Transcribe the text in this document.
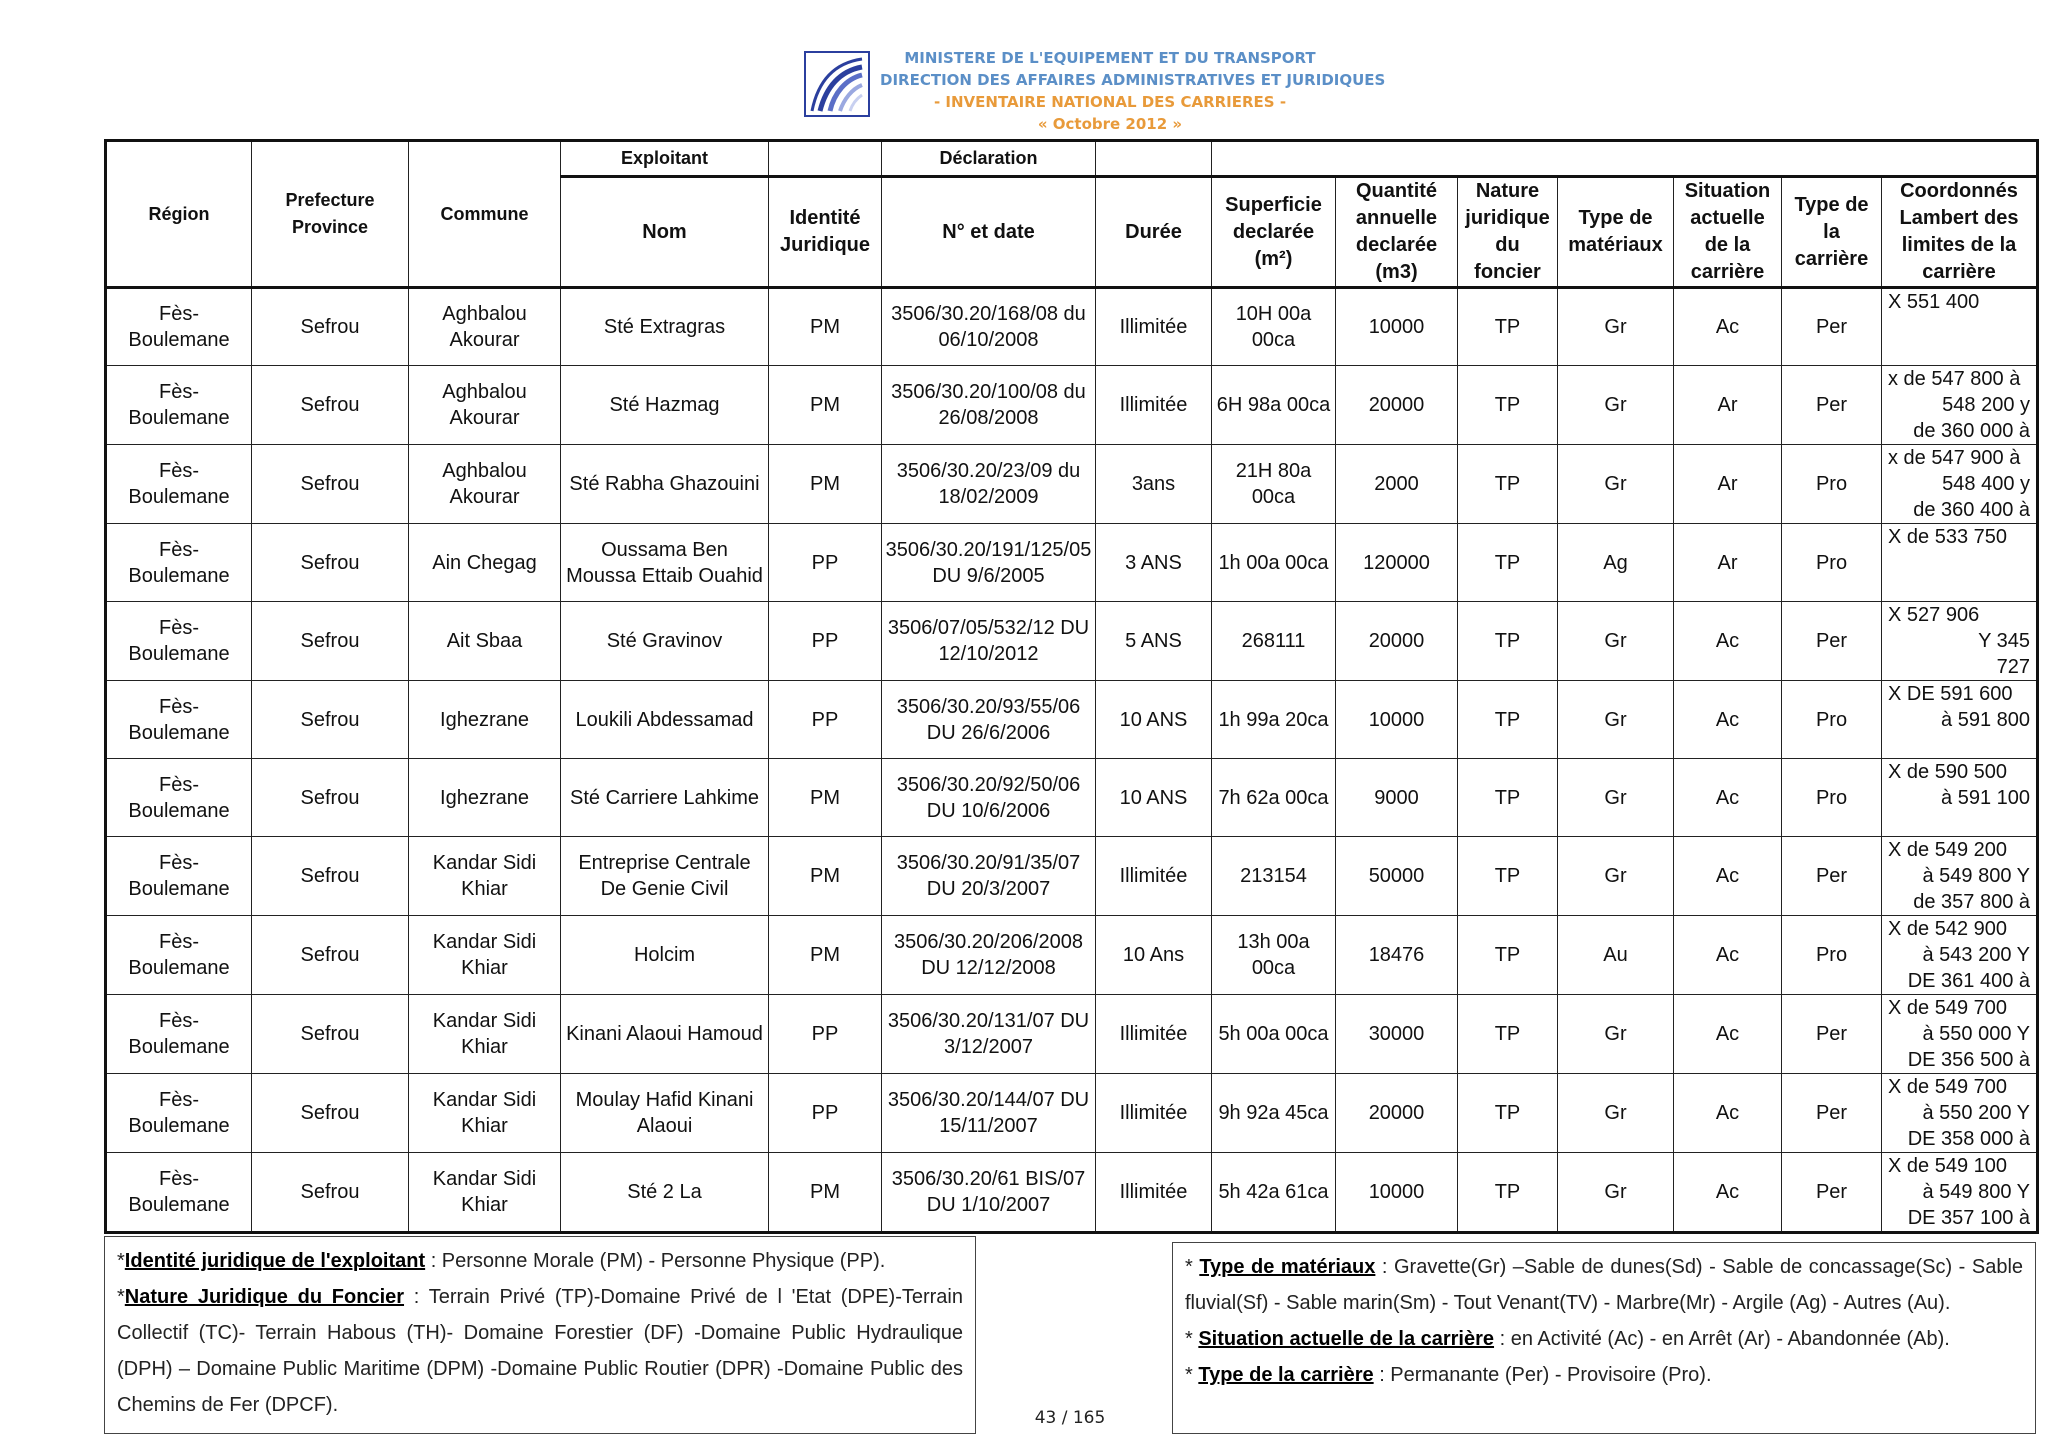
MINISTERE DE L'EQUIPEMENT ET DU TRANSPORT
DIRECTION DES AFFAIRES ADMINISTRATIVES ET JURIDIQUES
- INVENTAIRE NATIONAL DES CARRIERES -
« Octobre 2012 »
Région	Prefecture Province	Commune	Exploitant		Déclaration								
			Nom	Identité Juridique	N° et date	Durée	Superficie declarée (m²)	Quantité annuelle declarée (m3)	Nature juridique du foncier	Type de matériaux	Situation actuelle de la carrière	Type de la carrière	Coordonnés Lambert des limites de la carrière
Fès-Boulemane	Sefrou	Aghbalou Akourar	Sté Extragras	PM	3506/30.20/168/08 du 06/10/2008	Illimitée	10H 00a 00ca	10000	TP	Gr	Ac	Per	X 551 400

Fès-Boulemane	Sefrou	Aghbalou Akourar	Sté Hazmag	PM	3506/30.20/100/08 du 26/08/2008	Illimitée	6H 98a 00ca	20000	TP	Gr	Ar	Per	x de 547 800 à
548 200 y
de 360 000 à

Fès-Boulemane	Sefrou	Aghbalou Akourar	Sté Rabha Ghazouini	PM	3506/30.20/23/09 du 18/02/2009	3ans	21H 80a 00ca	2000	TP	Gr	Ar	Pro	x de 547 900 à
548 400 y
de 360 400 à

Fès-Boulemane	Sefrou	Ain Chegag	Oussama Ben Moussa Ettaib Ouahid	PP	3506/30.20/191/125/05 DU 9/6/2005	3 ANS	1h 00a 00ca	120000	TP	Ag	Ar	Pro	X de 533 750

Fès-Boulemane	Sefrou	Ait Sbaa	Sté Gravinov	PP	3506/07/05/532/12 DU 12/10/2012	5 ANS	268111	20000	TP	Gr	Ac	Per	X 527 906
Y 345
727

Fès-Boulemane	Sefrou	Ighezrane	Loukili Abdessamad	PP	3506/30.20/93/55/06 DU 26/6/2006	10 ANS	1h 99a 20ca	10000	TP	Gr	Ac	Pro	X DE 591 600
à 591 800

Fès-Boulemane	Sefrou	Ighezrane	Sté Carriere Lahkime	PM	3506/30.20/92/50/06 DU 10/6/2006	10 ANS	7h 62a 00ca	9000	TP	Gr	Ac	Pro	X de 590 500
à 591 100

Fès-Boulemane	Sefrou	Kandar Sidi Khiar	Entreprise Centrale De Genie Civil	PM	3506/30.20/91/35/07 DU 20/3/2007	Illimitée	213154	50000	TP	Gr	Ac	Per	X de 549 200
à 549 800 Y
de 357 800 à

Fès-Boulemane	Sefrou	Kandar Sidi Khiar	Holcim	PM	3506/30.20/206/2008 DU 12/12/2008	10 Ans	13h 00a 00ca	18476	TP	Au	Ac	Pro	X de 542 900
à 543 200 Y
DE 361 400 à

Fès-Boulemane	Sefrou	Kandar Sidi Khiar	Kinani Alaoui Hamoud	PP	3506/30.20/131/07 DU 3/12/2007	Illimitée	5h 00a 00ca	30000	TP	Gr	Ac	Per	X de 549 700
à 550 000 Y
DE 356 500 à

Fès-Boulemane	Sefrou	Kandar Sidi Khiar	Moulay Hafid Kinani Alaoui	PP	3506/30.20/144/07 DU 15/11/2007	Illimitée	9h 92a 45ca	20000	TP	Gr	Ac	Per	X de 549 700
à 550 200 Y
DE 358 000 à

Fès-Boulemane	Sefrou	Kandar Sidi Khiar	Sté 2 La	PM	3506/30.20/61 BIS/07 DU 1/10/2007	Illimitée	5h 42a 61ca	10000	TP	Gr	Ac	Per	X de 549 100
à 549 800 Y
DE 357 100 à

*Identité juridique de l'exploitant : Personne Morale (PM) - Personne Physique (PP).

*Nature Juridique du Foncier : Terrain Privé (TP)-Domaine Privé de l 'Etat (DPE)-Terrain Collectif (TC)- Terrain Habous (TH)- Domaine Forestier (DF) -Domaine Public Hydraulique (DPH) – Domaine Public Maritime (DPM) -Domaine Public Routier (DPR) -Domaine Public des Chemins de Fer (DPCF).

* Type de matériaux : Gravette(Gr) –Sable de dunes(Sd) - Sable de concassage(Sc) - Sable fluvial(Sf) - Sable marin(Sm) - Tout Venant(TV) - Marbre(Mr) - Argile (Ag) - Autres (Au).

* Situation actuelle de la carrière : en Activité (Ac) - en Arrêt (Ar) - Abandonnée (Ab).

* Type de la carrière : Permanante (Per) - Provisoire (Pro).

43 / 165
